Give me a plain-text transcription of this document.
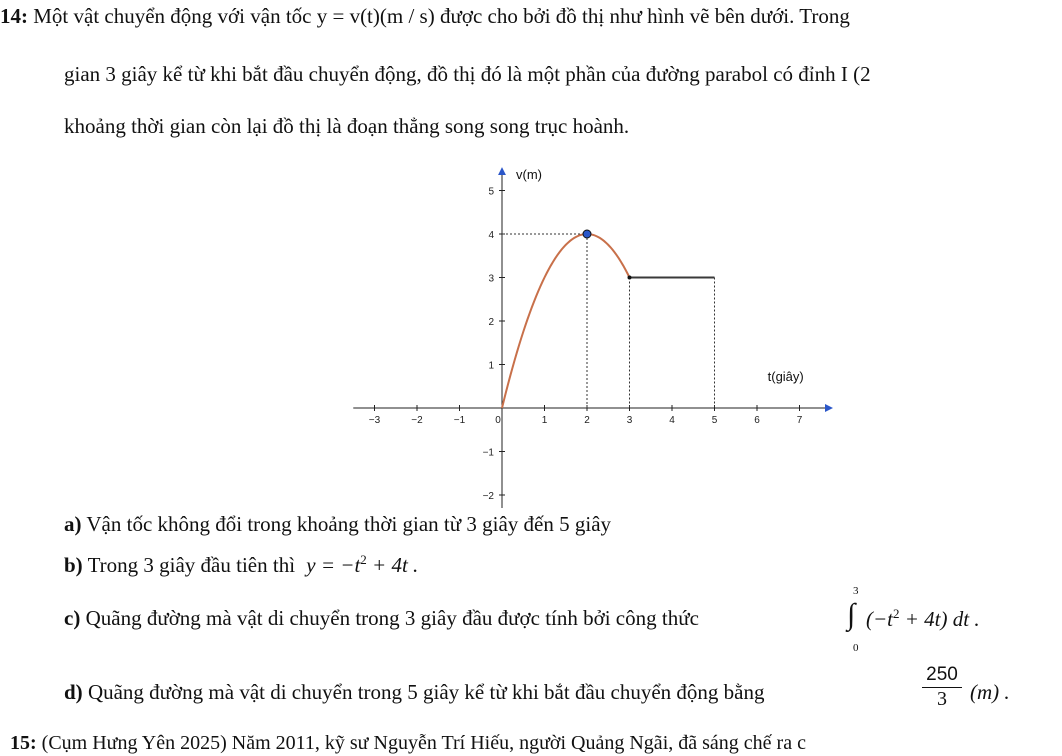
14: Một vật chuyển động với vận tốc y = v(t)(m / s) được cho bởi đồ thị như hình vẽ bên dưới. Trong
gian 3 giây kể từ khi bắt đầu chuyển động, đồ thị đó là một phần của đường parabol có đỉnh I (2
khoảng thời gian còn lại đồ thị là đoạn thẳng song song trục hoành.
−3	−2	−1	0	1	2	3	4	5	6	7
5
4
3
2
1
−1
−2
v(m)
t(giây)
a) Vận tốc không đổi trong khoảng thời gian từ 3 giây đến 5 giây
b) Trong 3 giây đầu tiên thì $y = -t^2 + 4t$ .
c) Quãng đường mà vật di chuyển trong 3 giây đầu được tính bởi công thức
3
∫
0
$(-t^2 + 4t)$ dt .
d) Quãng đường mà vật di chuyển trong 5 giây kể từ khi bắt đầu chuyển động bằng
250
3	(m) .
15: (Cụm Hưng Yên 2025) Năm 2011, kỹ sư Nguyễn Trí Hiếu, người Quảng Ngãi, đã sáng chế ra c
